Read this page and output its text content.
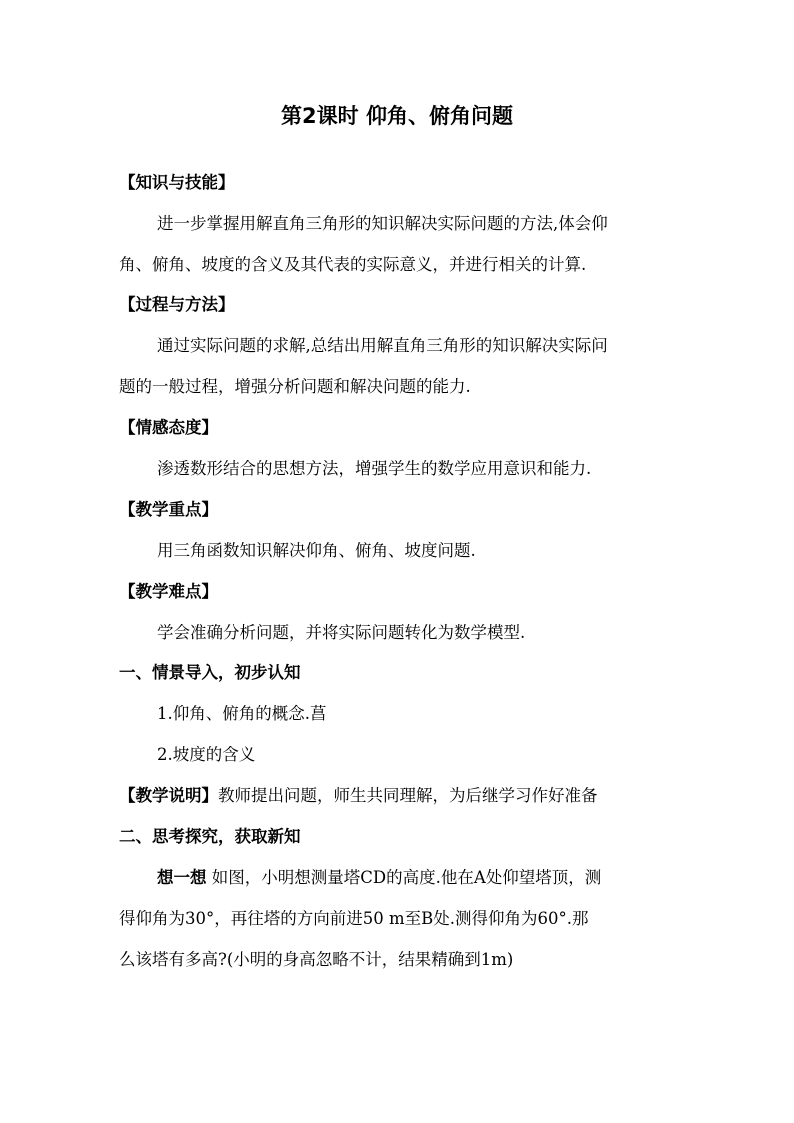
第2课时 仰角、俯角问题
【知识与技能】
进一步掌握用解直角三角形的知识解决实际问题的方法,体会仰
角、俯角、坡度的含义及其代表的实际意义，并进行相关的计算.
【过程与方法】
通过实际问题的求解,总结出用解直角三角形的知识解决实际问
题的一般过程，增强分析问题和解决问题的能力.
【情感态度】
渗透数形结合的思想方法，增强学生的数学应用意识和能力.
【教学重点】
用三角函数知识解决仰角、俯角、坡度问题.
【教学难点】
学会准确分析问题，并将实际问题转化为数学模型.
一、情景导入，初步认知
1.仰角、俯角的概念.菖
2.坡度的含义
【教学说明】教师提出问题，师生共同理解，为后继学习作好准备
二、思考探究，获取新知
想一想 如图，小明想测量塔CD的高度.他在A处仰望塔顶，测
得仰角为30°，再往塔的方向前进50 m至B处.测得仰角为60°.那
么该塔有多高?(小明的身高忽略不计，结果精确到1m)
